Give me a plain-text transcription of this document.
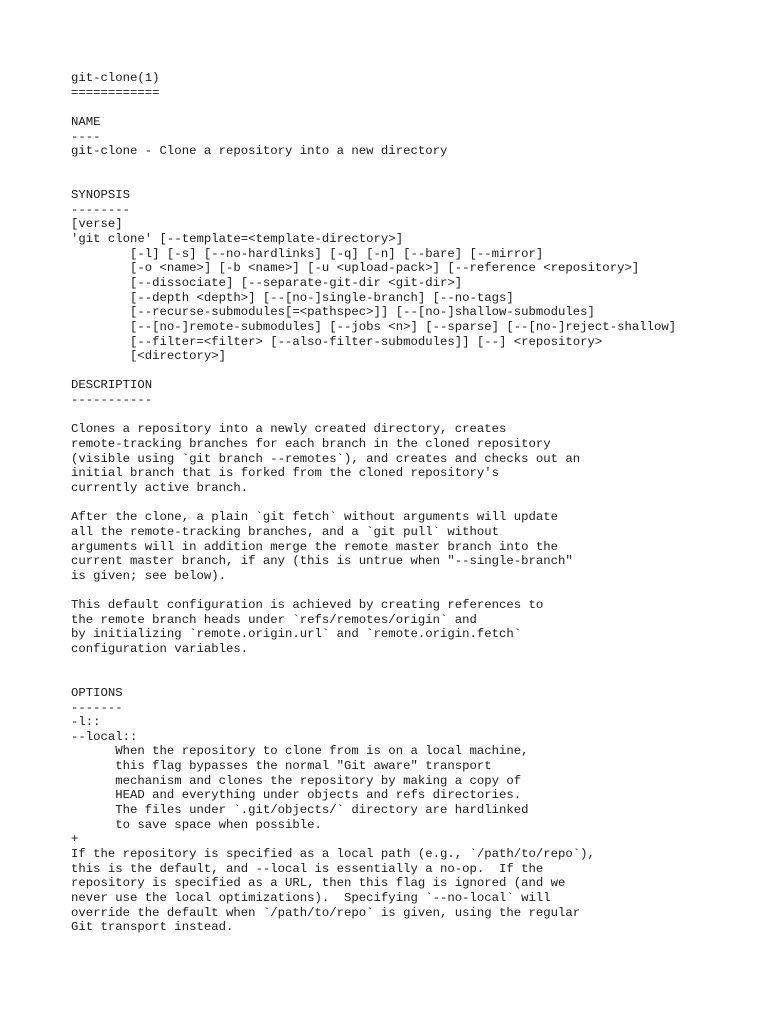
git-clone(1)
============
NAME
----
git-clone - Clone a repository into a new directory
SYNOPSIS
--------
[verse]
'git clone' [--template=<template-directory>]
[-l] [-s] [--no-hardlinks] [-q] [-n] [--bare] [--mirror]
[-o <name>] [-b <name>] [-u <upload-pack>] [--reference <repository>]
[--dissociate] [--separate-git-dir <git-dir>]
[--depth <depth>] [--[no-]single-branch] [--no-tags]
[--recurse-submodules[=<pathspec>]] [--[no-]shallow-submodules]
[--[no-]remote-submodules] [--jobs <n>] [--sparse] [--[no-]reject-shallow]
[--filter=<filter> [--also-filter-submodules]] [--] <repository>
[<directory>]
DESCRIPTION
-----------
Clones a repository into a newly created directory, creates
remote-tracking branches for each branch in the cloned repository
(visible using `git branch --remotes`), and creates and checks out an
initial branch that is forked from the cloned repository's
currently active branch.
After the clone, a plain `git fetch` without arguments will update
all the remote-tracking branches, and a `git pull` without
arguments will in addition merge the remote master branch into the
current master branch, if any (this is untrue when "--single-branch"
is given; see below).
This default configuration is achieved by creating references to
the remote branch heads under `refs/remotes/origin` and
by initializing `remote.origin.url` and `remote.origin.fetch`
configuration variables.
OPTIONS
-------
-l::
--local::
When the repository to clone from is on a local machine,
this flag bypasses the normal "Git aware" transport
mechanism and clones the repository by making a copy of
HEAD and everything under objects and refs directories.
The files under `.git/objects/` directory are hardlinked
to save space when possible.
+
If the repository is specified as a local path (e.g., `/path/to/repo`),
this is the default, and --local is essentially a no-op.  If the
repository is specified as a URL, then this flag is ignored (and we
never use the local optimizations).  Specifying `--no-local` will
override the default when `/path/to/repo` is given, using the regular
Git transport instead.
